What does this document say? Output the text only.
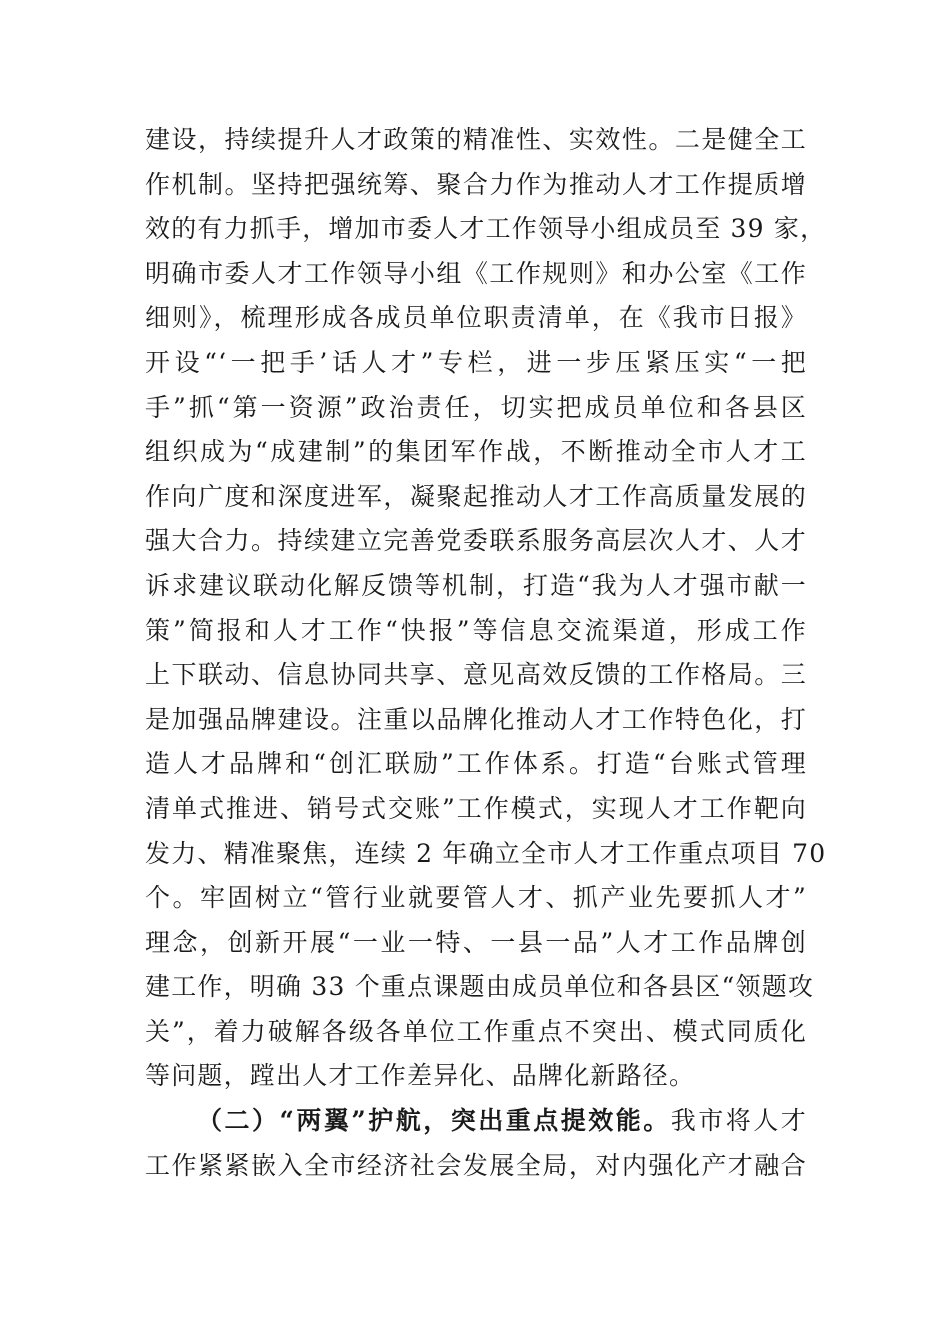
建设，持续提升人才政策的精准性、实效性。二是健全工
作机制。坚持把强统筹、聚合力作为推动人才工作提质增
效的有力抓手，增加市委人才工作领导小组成员至 39 家，
明确市委人才工作领导小组《工作规则》和办公室《工作
细则》，梳理形成各成员单位职责清单，在《我市日报》
开设“‘一把手’话人才”专栏，进一步压紧压实“一把
手”抓“第一资源”政治责任，切实把成员单位和各县区
组织成为“成建制”的集团军作战，不断推动全市人才工
作向广度和深度进军，凝聚起推动人才工作高质量发展的
强大合力。持续建立完善党委联系服务高层次人才、人才
诉求建议联动化解反馈等机制，打造“我为人才强市献一
策”简报和人才工作“快报”等信息交流渠道，形成工作
上下联动、信息协同共享、意见高效反馈的工作格局。三
是加强品牌建设。注重以品牌化推动人才工作特色化，打
造人才品牌和“创汇联励”工作体系。打造“台账式管理
清单式推进、销号式交账”工作模式，实现人才工作靶向
发力、精准聚焦，连续 2 年确立全市人才工作重点项目 70
个。牢固树立“管行业就要管人才、抓产业先要抓人才”
理念，创新开展“一业一特、一县一品”人才工作品牌创
建工作，明确 33 个重点课题由成员单位和各县区“领题攻
关”，着力破解各级各单位工作重点不突出、模式同质化
等问题，蹚出人才工作差异化、品牌化新路径。
（二）“两翼”护航，突出重点提效能。我市将人才
工作紧紧嵌入全市经济社会发展全局，对内强化产才融合
